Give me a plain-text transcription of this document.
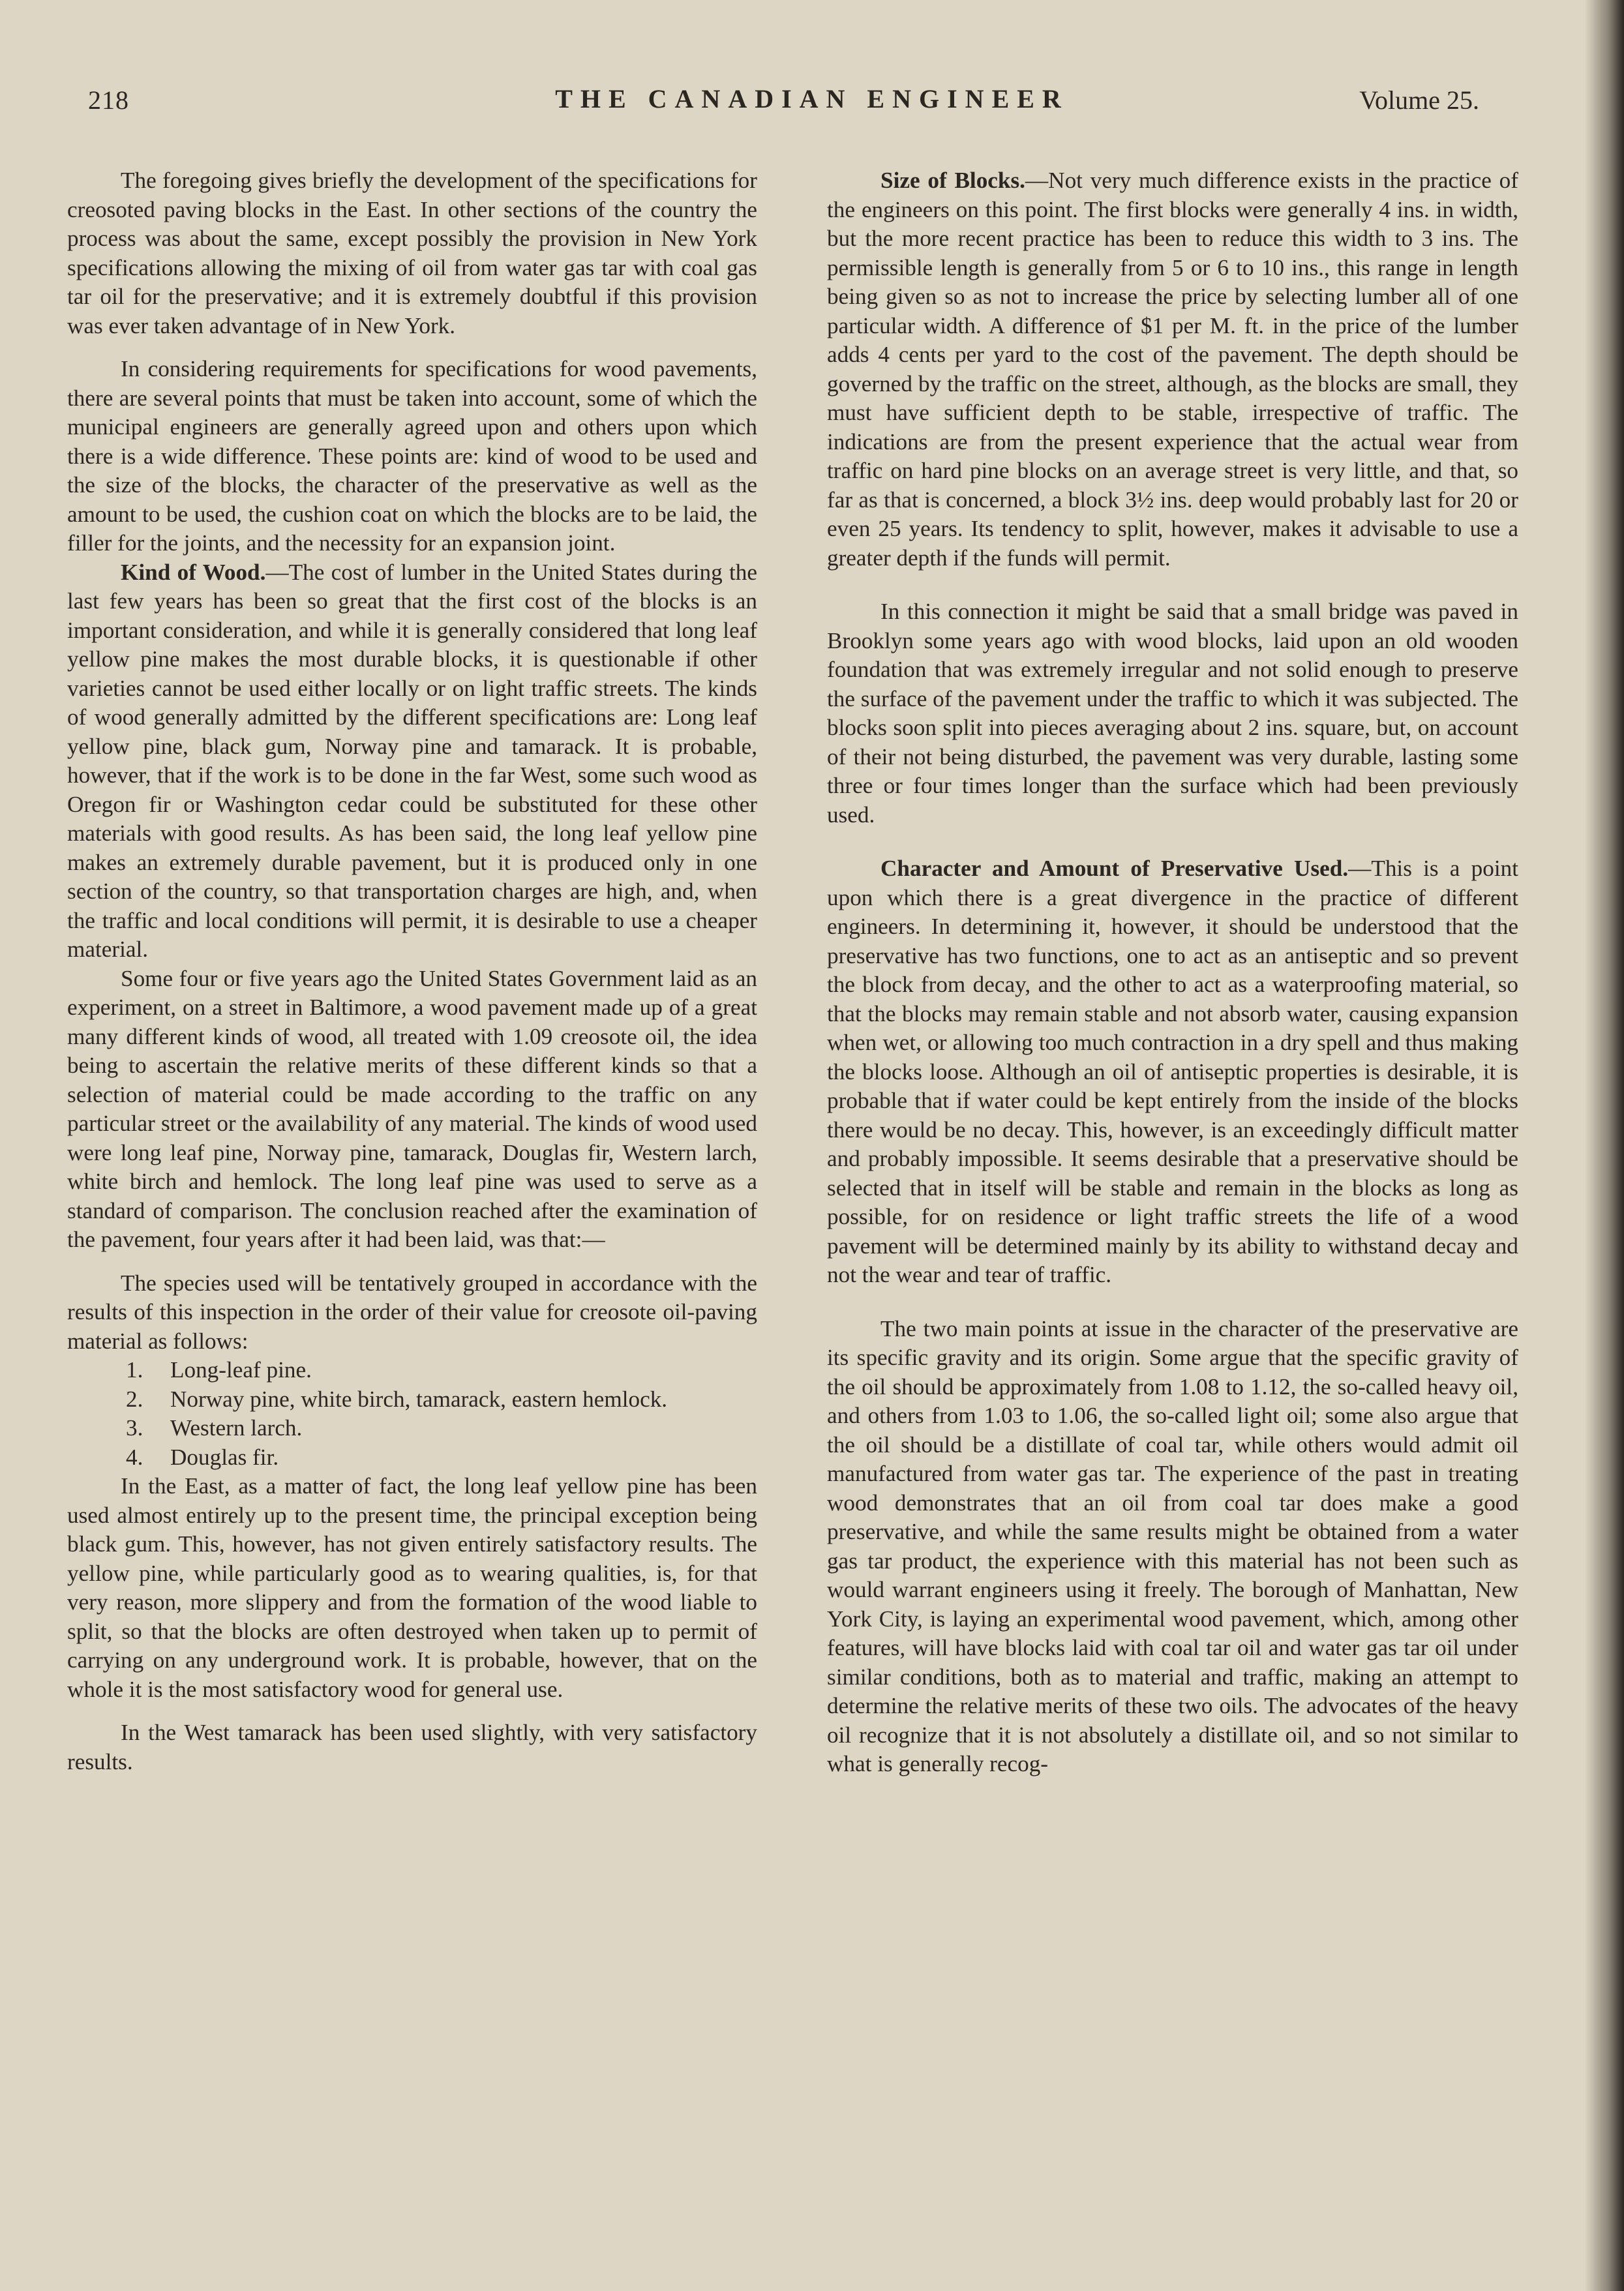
218	THE CANADIAN ENGINEER	Volume 25.

The foregoing gives briefly the development of the specifications for creosoted paving blocks in the East. In other sections of the country the process was about the same, except possibly the provision in New York specifications allowing the mixing of oil from water gas tar with coal gas tar oil for the preservative; and it is extremely doubtful if this provision was ever taken advantage of in New York.

In considering requirements for specifications for wood pavements, there are several points that must be taken into account, some of which the municipal engineers are generally agreed upon and others upon which there is a wide difference. These points are: kind of wood to be used and the size of the blocks, the character of the preservative as well as the amount to be used, the cushion coat on which the blocks are to be laid, the filler for the joints, and the necessity for an expansion joint.

Kind of Wood.—The cost of lumber in the United States during the last few years has been so great that the first cost of the blocks is an important consideration, and while it is generally considered that long leaf yellow pine makes the most durable blocks, it is questionable if other varieties cannot be used either locally or on light traffic streets. The kinds of wood generally admitted by the different specifications are: Long leaf yellow pine, black gum, Norway pine and tamarack. It is probable, however, that if the work is to be done in the far West, some such wood as Oregon fir or Washington cedar could be substituted for these other materials with good results. As has been said, the long leaf yellow pine makes an extremely durable pavement, but it is produced only in one section of the country, so that transportation charges are high, and, when the traffic and local conditions will permit, it is desirable to use a cheaper material.

Some four or five years ago the United States Government laid as an experiment, on a street in Baltimore, a wood pavement made up of a great many different kinds of wood, all treated with 1.09 creosote oil, the idea being to ascertain the relative merits of these different kinds so that a selection of material could be made according to the traffic on any particular street or the availability of any material. The kinds of wood used were long leaf pine, Norway pine, tamarack, Douglas fir, Western larch, white birch and hemlock. The long leaf pine was used to serve as a standard of comparison. The conclusion reached after the examination of the pavement, four years after it had been laid, was that:—

The species used will be tentatively grouped in accordance with the results of this inspection in the order of their value for creosote oil-paving material as follows:

1. Long-leaf pine.

2. Norway pine, white birch, tamarack, eastern hemlock.

3. Western larch.

4. Douglas fir.

In the East, as a matter of fact, the long leaf yellow pine has been used almost entirely up to the present time, the principal exception being black gum. This, however, has not given entirely satisfactory results. The yellow pine, while particularly good as to wearing qualities, is, for that very reason, more slippery and from the formation of the wood liable to split, so that the blocks are often destroyed when taken up to permit of carrying on any underground work. It is probable, however, that on the whole it is the most satisfactory wood for general use.

In the West tamarack has been used slightly, with very satisfactory results.

Size of Blocks.—Not very much difference exists in the practice of the engineers on this point. The first blocks were generally 4 ins. in width, but the more recent practice has been to reduce this width to 3 ins. The permissible length is generally from 5 or 6 to 10 ins., this range in length being given so as not to increase the price by selecting lumber all of one particular width. A difference of $1 per M. ft. in the price of the lumber adds 4 cents per yard to the cost of the pavement. The depth should be governed by the traffic on the street, although, as the blocks are small, they must have sufficient depth to be stable, irrespective of traffic. The indications are from the present experience that the actual wear from traffic on hard pine blocks on an average street is very little, and that, so far as that is concerned, a block 3½ ins. deep would probably last for 20 or even 25 years. Its tendency to split, however, makes it advisable to use a greater depth if the funds will permit.

In this connection it might be said that a small bridge was paved in Brooklyn some years ago with wood blocks, laid upon an old wooden foundation that was extremely irregular and not solid enough to preserve the surface of the pavement under the traffic to which it was subjected. The blocks soon split into pieces averaging about 2 ins. square, but, on account of their not being disturbed, the pavement was very durable, lasting some three or four times longer than the surface which had been previously used.

Character and Amount of Preservative Used.—This is a point upon which there is a great divergence in the practice of different engineers. In determining it, however, it should be understood that the preservative has two functions, one to act as an antiseptic and so prevent the block from decay, and the other to act as a waterproofing material, so that the blocks may remain stable and not absorb water, causing expansion when wet, or allowing too much contraction in a dry spell and thus making the blocks loose. Although an oil of antiseptic properties is desirable, it is probable that if water could be kept entirely from the inside of the blocks there would be no decay. This, however, is an exceedingly difficult matter and probably impossible. It seems desirable that a preservative should be selected that in itself will be stable and remain in the blocks as long as possible, for on residence or light traffic streets the life of a wood pavement will be determined mainly by its ability to withstand decay and not the wear and tear of traffic.

The two main points at issue in the character of the preservative are its specific gravity and its origin. Some argue that the specific gravity of the oil should be approximately from 1.08 to 1.12, the so-called heavy oil, and others from 1.03 to 1.06, the so-called light oil; some also argue that the oil should be a distillate of coal tar, while others would admit oil manufactured from water gas tar. The experience of the past in treating wood demonstrates that an oil from coal tar does make a good preservative, and while the same results might be obtained from a water gas tar product, the experience with this material has not been such as would warrant engineers using it freely. The borough of Manhattan, New York City, is laying an experimental wood pavement, which, among other features, will have blocks laid with coal tar oil and water gas tar oil under similar conditions, both as to material and traffic, making an attempt to determine the relative merits of these two oils. The advocates of the heavy oil recognize that it is not absolutely a distillate oil, and so not similar to what is generally recog-
